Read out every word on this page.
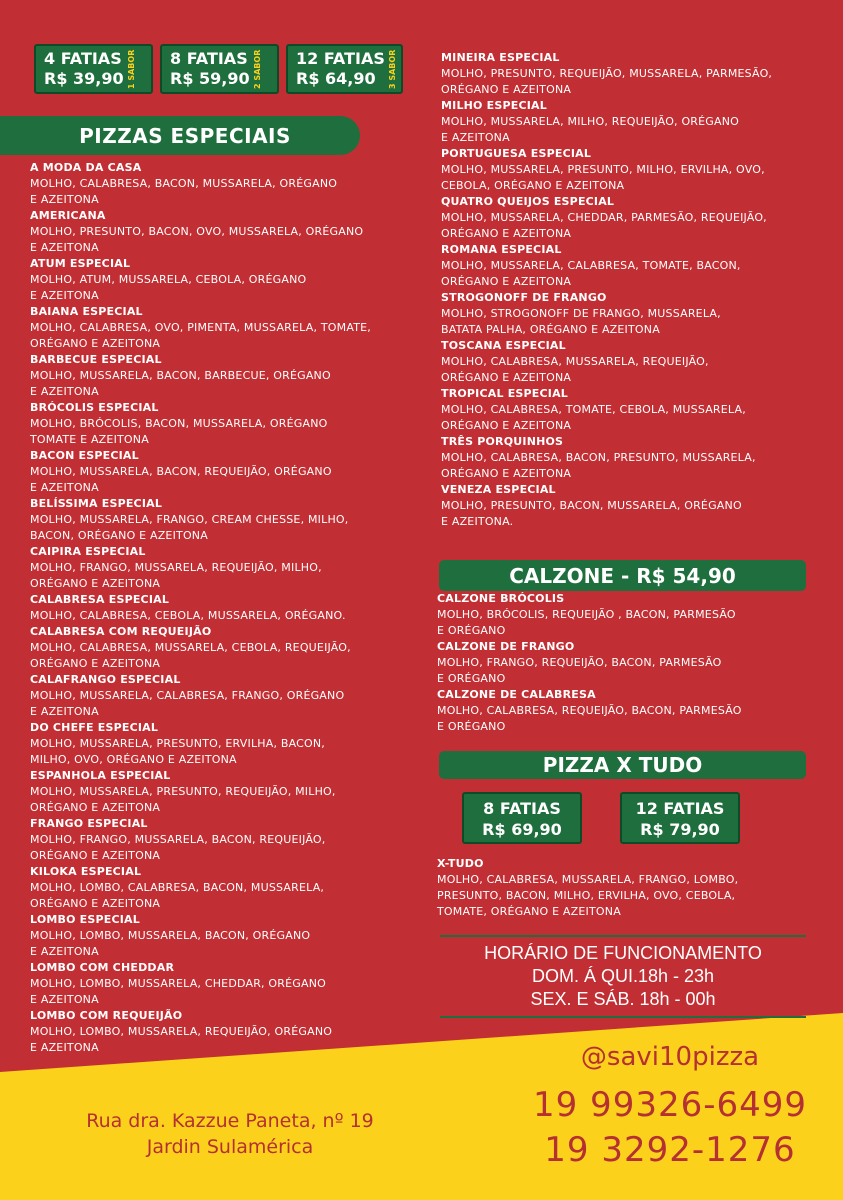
4 FATIAS
R$ 39,90 1 SABOR 8 FATIAS
R$ 59,90 2 SABOR 12 FATIAS
R$ 64,90	3 SABOR
PIZZAS ESPECIAIS
A MODA DA CASA
MOLHO, CALABRESA, BACON, MUSSARELA, ORÉGANO
E AZEITONA
AMERICANA
MOLHO, PRESUNTO, BACON, OVO, MUSSARELA, ORÉGANO
E AZEITONA
ATUM ESPECIAL
MOLHO, ATUM, MUSSARELA, CEBOLA, ORÉGANO
E AZEITONA
BAIANA ESPECIAL
MOLHO, CALABRESA, OVO, PIMENTA, MUSSARELA, TOMATE,
ORÉGANO E AZEITONA
BARBECUE ESPECIAL
MOLHO, MUSSARELA, BACON, BARBECUE, ORÉGANO
E AZEITONA
BRÓCOLIS ESPECIAL
MOLHO, BRÓCOLIS, BACON, MUSSARELA, ORÉGANO
TOMATE E AZEITONA
BACON ESPECIAL
MOLHO, MUSSARELA, BACON, REQUEIJÃO, ORÉGANO
E AZEITONA
BELÍSSIMA ESPECIAL
MOLHO, MUSSARELA, FRANGO, CREAM CHESSE, MILHO,
BACON, ORÉGANO E AZEITONA
CAIPIRA ESPECIAL
MOLHO, FRANGO, MUSSARELA, REQUEIJÃO, MILHO,
ORÉGANO E AZEITONA
CALABRESA ESPECIAL
MOLHO, CALABRESA, CEBOLA, MUSSARELA, ORÉGANO.
CALABRESA COM REQUEIJÃO
MOLHO, CALABRESA, MUSSARELA, CEBOLA, REQUEIJÃO,
ORÉGANO E AZEITONA
CALAFRANGO ESPECIAL
MOLHO, MUSSARELA, CALABRESA, FRANGO, ORÉGANO
E AZEITONA
DO CHEFE ESPECIAL
MOLHO, MUSSARELA, PRESUNTO, ERVILHA, BACON,
MILHO, OVO, ORÉGANO E AZEITONA
ESPANHOLA ESPECIAL
MOLHO, MUSSARELA, PRESUNTO, REQUEIJÃO, MILHO,
ORÉGANO E AZEITONA
FRANGO ESPECIAL
MOLHO, FRANGO, MUSSARELA, BACON, REQUEIJÃO,
ORÉGANO E AZEITONA
KILOKA ESPECIAL
MOLHO, LOMBO, CALABRESA, BACON, MUSSARELA,
ORÉGANO E AZEITONA
LOMBO ESPECIAL
MOLHO, LOMBO, MUSSARELA, BACON, ORÉGANO
E AZEITONA
LOMBO COM CHEDDAR
MOLHO, LOMBO, MUSSARELA, CHEDDAR, ORÉGANO
E AZEITONA
LOMBO COM REQUEIJÃO
MOLHO, LOMBO, MUSSARELA, REQUEIJÃO, ORÉGANO
E AZEITONA
MINEIRA ESPECIAL
MOLHO, PRESUNTO, REQUEIJÃO, MUSSARELA, PARMESÃO,
ORÉGANO E AZEITONA
MILHO ESPECIAL
MOLHO, MUSSARELA, MILHO, REQUEIJÃO, ORÉGANO
E AZEITONA
PORTUGUESA ESPECIAL
MOLHO, MUSSARELA, PRESUNTO, MILHO, ERVILHA, OVO,
CEBOLA, ORÉGANO E AZEITONA
QUATRO QUEIJOS ESPECIAL
MOLHO, MUSSARELA, CHEDDAR, PARMESÃO, REQUEIJÃO,
ORÉGANO E AZEITONA
ROMANA ESPECIAL
MOLHO, MUSSARELA, CALABRESA, TOMATE, BACON,
ORÉGANO E AZEITONA
STROGONOFF DE FRANGO
MOLHO, STROGONOFF DE FRANGO, MUSSARELA,
BATATA PALHA, ORÉGANO E AZEITONA
TOSCANA ESPECIAL
MOLHO, CALABRESA, MUSSARELA, REQUEIJÃO,
ORÉGANO E AZEITONA
TROPICAL ESPECIAL
MOLHO, CALABRESA, TOMATE, CEBOLA, MUSSARELA,
ORÉGANO E AZEITONA
TRÊS PORQUINHOS
MOLHO, CALABRESA, BACON, PRESUNTO, MUSSARELA,
ORÉGANO E AZEITONA
VENEZA ESPECIAL
MOLHO, PRESUNTO, BACON, MUSSARELA, ORÉGANO
E AZEITONA.
CALZONE - R$ 54,90
CALZONE BRÓCOLIS
MOLHO, BRÓCOLIS, REQUEIJÃO , BACON, PARMESÃO
E ORÉGANO
CALZONE DE FRANGO
MOLHO, FRANGO, REQUEIJÃO, BACON, PARMESÃO
E ORÉGANO
CALZONE DE CALABRESA
MOLHO, CALABRESA, REQUEIJÃO, BACON, PARMESÃO
E ORÉGANO
PIZZA X TUDO
8 FATIAS
R$ 69,90
12 FATIAS
R$ 79,90
X-TUDO
MOLHO, CALABRESA, MUSSARELA, FRANGO, LOMBO,
PRESUNTO, BACON, MILHO, ERVILHA, OVO, CEBOLA,
TOMATE, ORÉGANO E AZEITONA
HORÁRIO DE FUNCIONAMENTO
DOM. Á QUI.18h - 23h
SEX. E SÁB. 18h - 00h
@savi10pizza
19 99326-6499
19 3292-1276
Rua dra. Kazzue Paneta, nº 19
Jardin Sulamérica
